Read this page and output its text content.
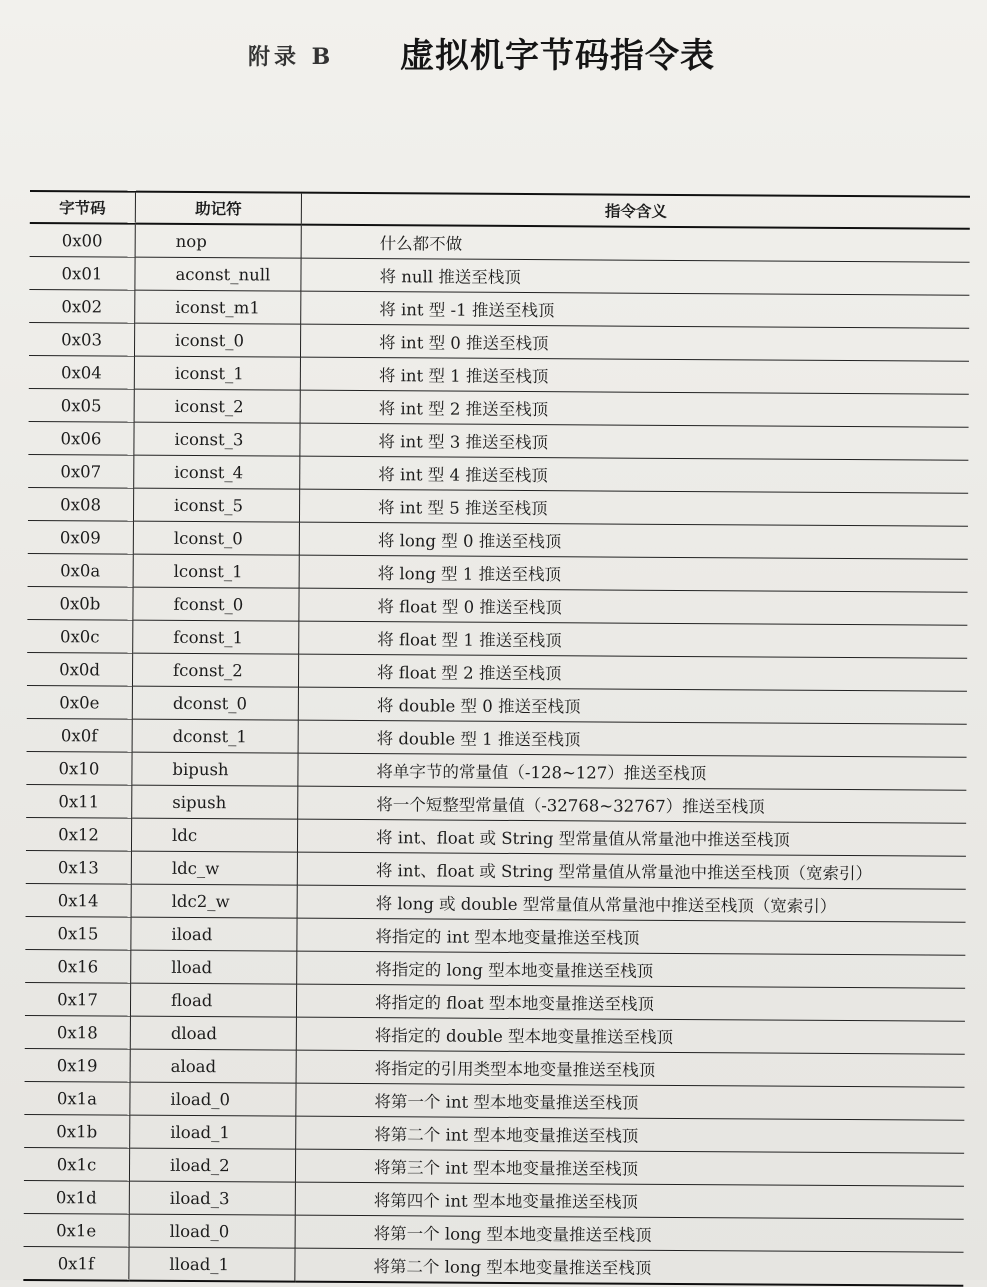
附录 B 虚拟机字节码指令表
字节码	助记符	指令含义
0x00	nop	什么都不做
0x01	aconst_null	将 null 推送至栈顶
0x02	iconst_m1	将 int 型 -1 推送至栈顶
0x03	iconst_0	将 int 型 0 推送至栈顶
0x04	iconst_1	将 int 型 1 推送至栈顶
0x05	iconst_2	将 int 型 2 推送至栈顶
0x06	iconst_3	将 int 型 3 推送至栈顶
0x07	iconst_4	将 int 型 4 推送至栈顶
0x08	iconst_5	将 int 型 5 推送至栈顶
0x09	lconst_0	将 long 型 0 推送至栈顶
0x0a	lconst_1	将 long 型 1 推送至栈顶
0x0b	fconst_0	将 float 型 0 推送至栈顶
0x0c	fconst_1	将 float 型 1 推送至栈顶
0x0d	fconst_2	将 float 型 2 推送至栈顶
0x0e	dconst_0	将 double 型 0 推送至栈顶
0x0f	dconst_1	将 double 型 1 推送至栈顶
0x10	bipush	将单字节的常量值（-128~127）推送至栈顶
0x11	sipush	将一个短整型常量值（-32768~32767）推送至栈顶
0x12	ldc	将 int、float 或 String 型常量值从常量池中推送至栈顶
0x13	ldc_w	将 int、float 或 String 型常量值从常量池中推送至栈顶（宽索引）
0x14	ldc2_w	将 long 或 double 型常量值从常量池中推送至栈顶（宽索引）
0x15	iload	将指定的 int 型本地变量推送至栈顶
0x16	lload	将指定的 long 型本地变量推送至栈顶
0x17	fload	将指定的 float 型本地变量推送至栈顶
0x18	dload	将指定的 double 型本地变量推送至栈顶
0x19	aload	将指定的引用类型本地变量推送至栈顶
0x1a	iload_0	将第一个 int 型本地变量推送至栈顶
0x1b	iload_1	将第二个 int 型本地变量推送至栈顶
0x1c	iload_2	将第三个 int 型本地变量推送至栈顶
0x1d	iload_3	将第四个 int 型本地变量推送至栈顶
0x1e	lload_0	将第一个 long 型本地变量推送至栈顶
0x1f	lload_1	将第二个 long 型本地变量推送至栈顶
